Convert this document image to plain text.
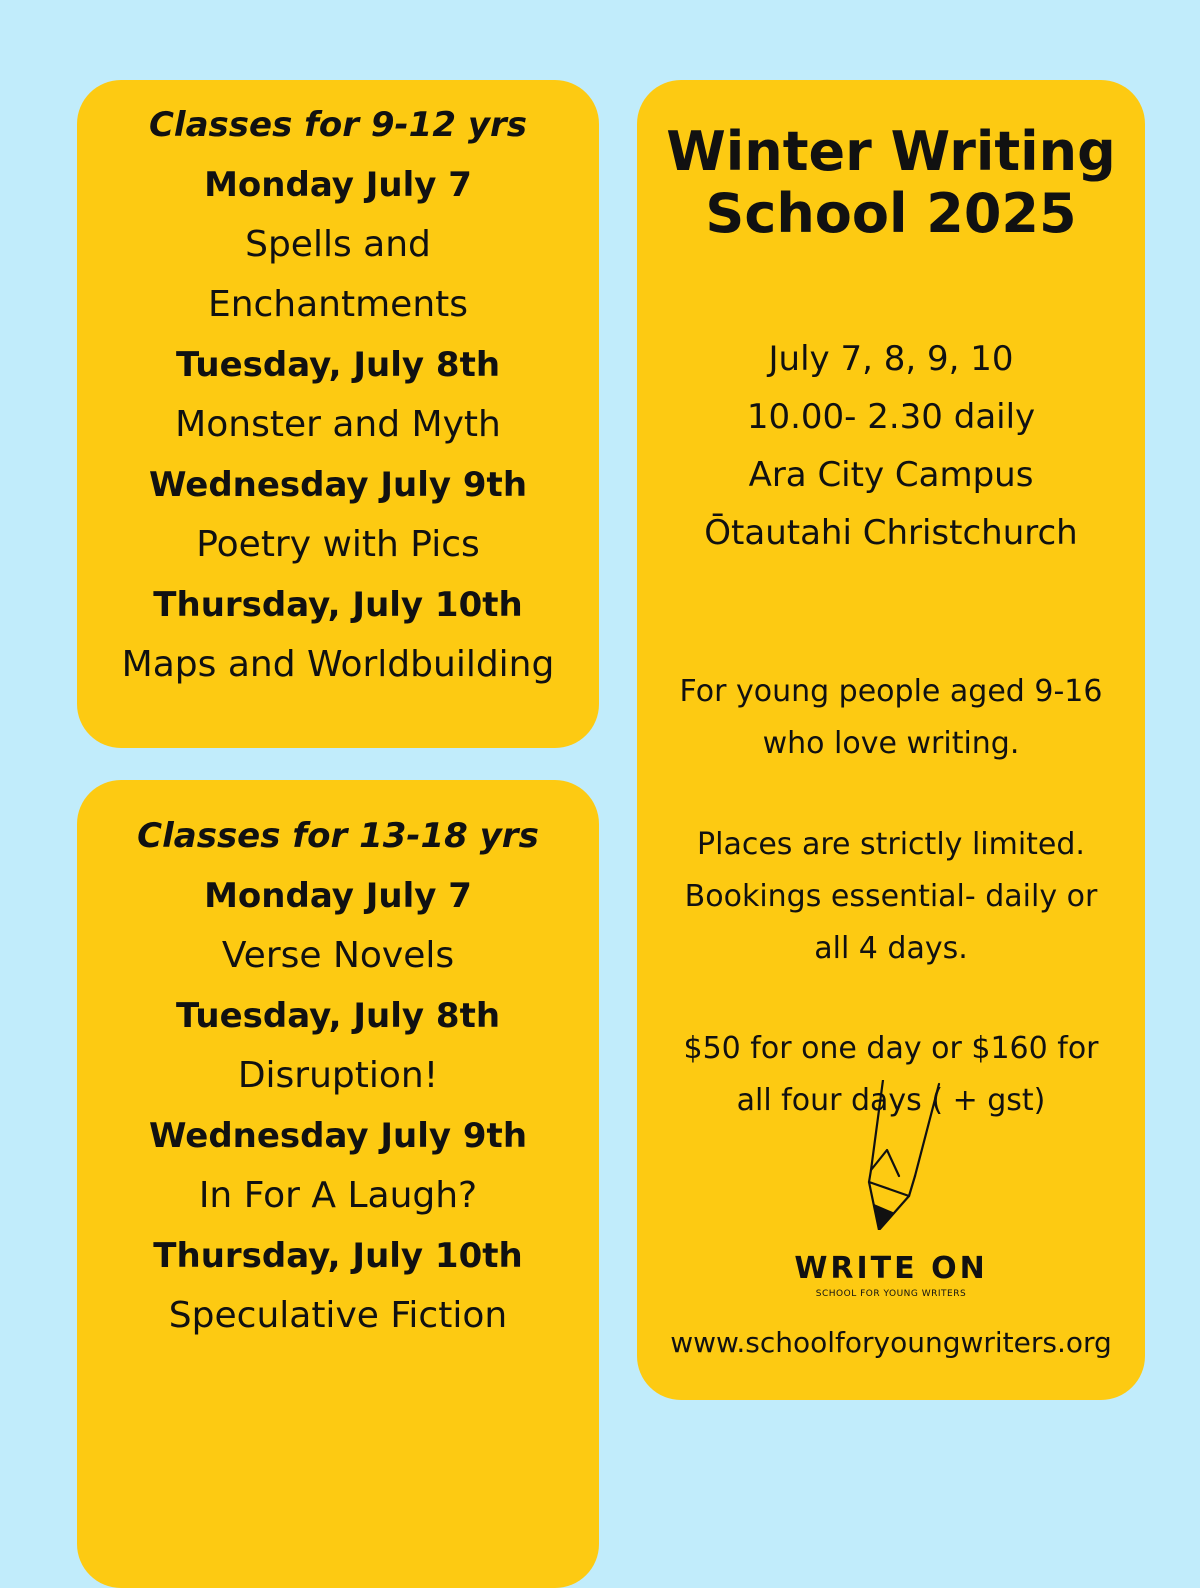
Classes for 9-12 yrs
Monday July 7
Spells and
Enchantments
Tuesday, July 8th
Monster and Myth
Wednesday July 9th
Poetry with Pics
Thursday, July 10th
Maps and Worldbuilding
Classes for 13-18 yrs
Monday July 7
Verse Novels
Tuesday, July 8th
Disruption!
Wednesday July 9th
In For A Laugh?
Thursday, July 10th
Speculative Fiction
Winter Writing
School 2025
July 7, 8, 9, 10
10.00- 2.30 daily
Ara City Campus
Ōtautahi Christchurch
For young people aged 9-16
who love writing.
Places are strictly limited.
Bookings essential- daily or
all 4 days.
$50 for one day or $160 for
all four days ( + gst)
WRITE ON
SCHOOL FOR YOUNG WRITERS
www.schoolforyoungwriters.org
